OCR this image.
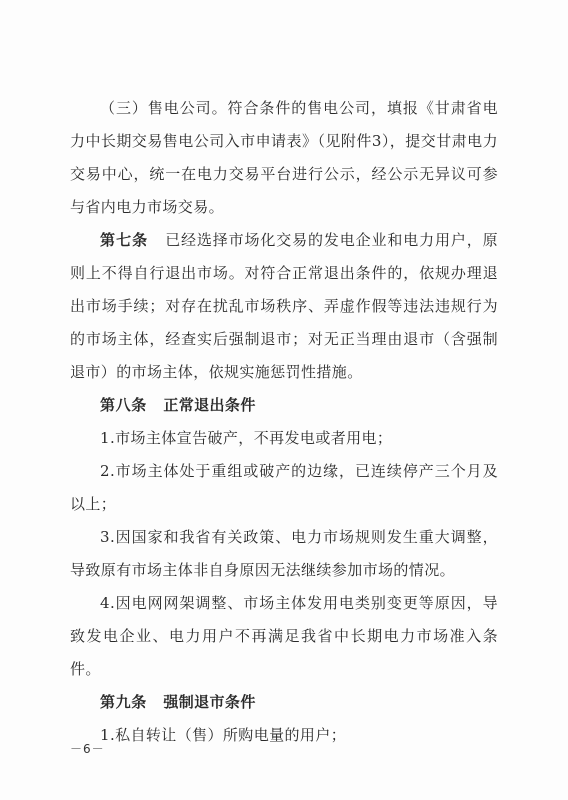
（三）售电公司。符合条件的售电公司，填报《甘肃省电力中长期交易售电公司入市申请表》（见附件3），提交甘肃电力交易中心，统一在电力交易平台进行公示，经公示无异议可参与省内电力市场交易。

第七条 已经选择市场化交易的发电企业和电力用户，原则上不得自行退出市场。对符合正常退出条件的，依规办理退出市场手续；对存在扰乱市场秩序、弄虚作假等违法违规行为的市场主体，经查实后强制退市；对无正当理由退市（含强制退市）的市场主体，依规实施惩罚性措施。

第八条 正常退出条件

1.市场主体宣告破产，不再发电或者用电；

2.市场主体处于重组或破产的边缘，已连续停产三个月及以上；

3.因国家和我省有关政策、电力市场规则发生重大调整，导致原有市场主体非自身原因无法继续参加市场的情况。

4.因电网网架调整、市场主体发用电类别变更等原因，导致发电企业、电力用户不再满足我省中长期电力市场准入条件。

第九条 强制退市条件

1.私自转让（售）所购电量的用户；

－6－
